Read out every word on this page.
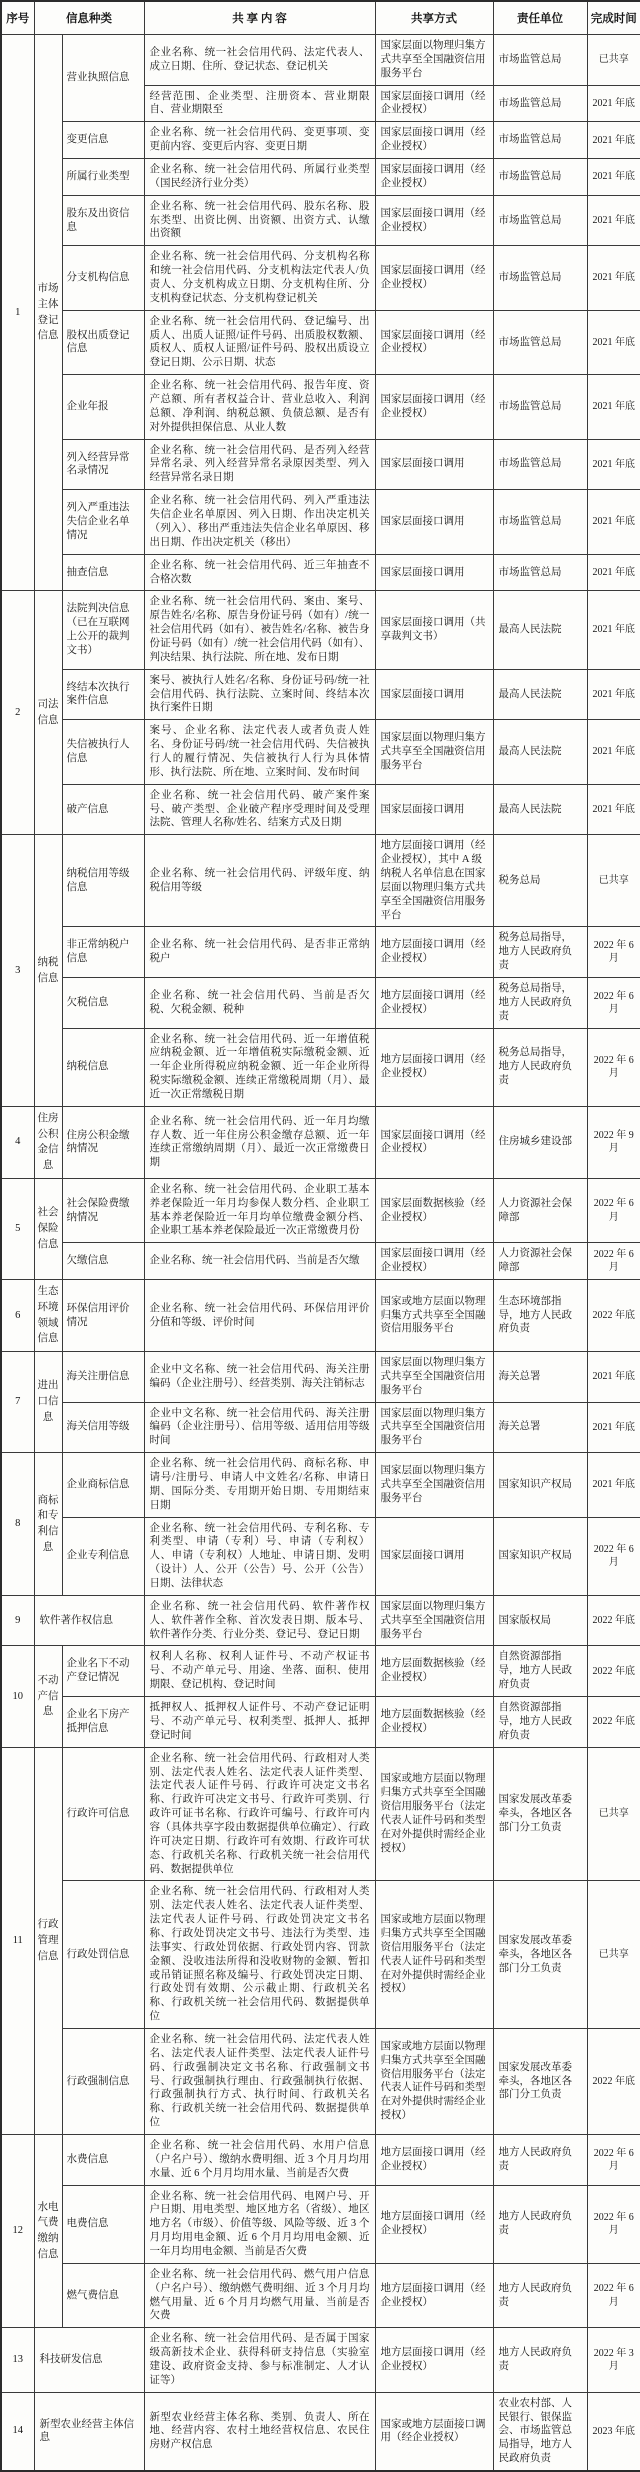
序号	信息种类		共 享 内 容	共享方式	责任单位	完成时间
1	市场主体登记信息	营业执照信息	企业名称、统一社会信用代码、法定代表人、成立日期、住所、登记状态、登记机关	国家层面以物理归集方式共享至全国融资信用服务平台	市场监管总局	已共享
			经营范围、企业类型、注册资本、营业期限自、营业期限至	国家层面接口调用（经企业授权）	市场监管总局	2021 年底
		变更信息	企业名称、统一社会信用代码、变更事项、变更前内容、变更后内容、变更日期	国家层面接口调用（经企业授权）	市场监管总局	2021 年底
		所属行业类型	企业名称、统一社会信用代码、所属行业类型（国民经济行业分类）	国家层面接口调用（经企业授权）	市场监管总局	2021 年底
		股东及出资信息	企业名称、统一社会信用代码、股东名称、股东类型、出资比例、出资额、出资方式、认缴出资额	国家层面接口调用（经企业授权）	市场监管总局	2021 年底
		分支机构信息	企业名称、统一社会信用代码、分支机构名称和统一社会信用代码、分支机构法定代表人/负责人、分支机构成立日期、分支机构住所、分支机构登记状态、分支机构登记机关	国家层面接口调用（经企业授权）	市场监管总局	2021 年底
		股权出质登记信息	企业名称、统一社会信用代码、登记编号、出质人、出质人证照/证件号码、出质股权数额、质权人、质权人证照/证件号码、股权出质设立登记日期、公示日期、状态	国家层面接口调用（经企业授权）	市场监管总局	2021 年底
		企业年报	企业名称、统一社会信用代码、报告年度、资产总额、所有者权益合计、营业总收入、利润总额、净利润、纳税总额、负债总额、是否有对外提供担保信息、从业人数	国家层面接口调用（经企业授权）	市场监管总局	2021 年底
		列入经营异常名录情况	企业名称、统一社会信用代码、是否列入经营异常名录、列入经营异常名录原因类型、列入经营异常名录日期	国家层面接口调用	市场监管总局	2021 年底
		列入严重违法失信企业名单情况	企业名称、统一社会信用代码、列入严重违法失信企业名单原因、列入日期、作出决定机关（列入）、移出严重违法失信企业名单原因、移出日期、作出决定机关（移出）	国家层面接口调用	市场监管总局	2021 年底
		抽查信息	企业名称、统一社会信用代码、近三年抽查不合格次数	国家层面接口调用	市场监管总局	2021 年底
2	司法信息	法院判决信息（已在互联网上公开的裁判文书）	企业名称、统一社会信用代码、案由、案号、原告姓名/名称、原告身份证号码（如有）/统一社会信用代码（如有）、被告姓名/名称、被告身份证号码（如有）/统一社会信用代码（如有）、判决结果、执行法院、所在地、发布日期	国家层面接口调用（共享裁判文书）	最高人民法院	2021 年底
		终结本次执行案件信息	案号、被执行人姓名/名称、身份证号码/统一社会信用代码、执行法院、立案时间、终结本次执行案件日期	国家层面接口调用	最高人民法院	2021 年底
		失信被执行人信息	案号、企业名称、法定代表人或者负责人姓名、身份证号码/统一社会信用代码、失信被执行人的履行情况、失信被执行人行为具体情形、执行法院、所在地、立案时间、发布时间	国家层面以物理归集方式共享至全国融资信用服务平台	最高人民法院	2021 年底
		破产信息	企业名称、统一社会信用代码、破产案件案号、破产类型、企业破产程序受理时间及受理法院、管理人名称/姓名、结案方式及日期	国家层面接口调用	最高人民法院	2021 年底
3	纳税信息	纳税信用等级信息	企业名称、统一社会信用代码、评级年度、纳税信用等级	地方层面接口调用（经企业授权），其中 A 级纳税人名单信息在国家层面以物理归集方式共享至全国融资信用服务平台	税务总局	已共享
		非正常纳税户信息	企业名称、统一社会信用代码、是否非正常纳税户	地方层面接口调用（经企业授权）	税务总局指导，地方人民政府负责	2022 年 6 月
		欠税信息	企业名称、统一社会信用代码、当前是否欠税、欠税金额、税种	地方层面接口调用（经企业授权）	税务总局指导，地方人民政府负责	2022 年 6 月
		纳税信息	企业名称、统一社会信用代码、近一年增值税应纳税金额、近一年增值税实际缴税金额、近一年企业所得税应纳税金额、近一年企业所得税实际缴税金额、连续正常缴税周期（月）、最近一次正常缴税日期	地方层面接口调用（经企业授权）	税务总局指导，地方人民政府负责	2022 年 6 月
4	住房公积金信息	住房公积金缴纳情况	企业名称、统一社会信用代码、近一年月均缴存人数、近一年住房公积金缴存总额、近一年连续正常缴纳周期（月）、最近一次正常缴费日期	国家层面接口调用（经企业授权）	住房城乡建设部	2022 年 9 月
5	社会保险信息	社会保险费缴纳情况	企业名称、统一社会信用代码、企业职工基本养老保险近一年月均参保人数分档、企业职工基本养老保险近一年月均单位缴费金额分档、企业职工基本养老保险最近一次正常缴费月份	国家层面数据核验（经企业授权）	人力资源社会保障部	2022 年 6 月
		欠缴信息	企业名称、统一社会信用代码、当前是否欠缴	国家层面接口调用（经企业授权）	人力资源社会保障部	2022 年 6 月
6	生态环境领域信息	环保信用评价情况	企业名称、统一社会信用代码、环保信用评价分值和等级、评价时间	国家或地方层面以物理归集方式共享至全国融资信用服务平台	生态环境部指导，地方人民政府负责	2022 年底
7	进出口信息	海关注册信息	企业中文名称、统一社会信用代码、海关注册编码（企业注册号）、经营类别、海关注销标志	国家层面以物理归集方式共享至全国融资信用服务平台	海关总署	2021 年底
		海关信用等级	企业中文名称、统一社会信用代码、海关注册编码（企业注册号）、信用等级、适用信用等级时间	国家层面以物理归集方式共享至全国融资信用服务平台	海关总署	2021 年底
8	商标和专利信息	企业商标信息	企业名称、统一社会信用代码、商标名称、申请号/注册号、申请人中文姓名/名称、申请日期、国际分类、专用期开始日期、专用期结束日期	国家层面以物理归集方式共享至全国融资信用服务平台	国家知识产权局	2021 年底
		企业专利信息	企业名称、统一社会信用代码、专利名称、专利类型、申请（专利）号、申请（专利权）人、申请（专利权）人地址、申请日期、发明（设计）人、公开（公告）号、公开（公告）日期、法律状态	国家层面接口调用	国家知识产权局	2022 年 6 月
9	软件著作权信息		企业名称、统一社会信用代码、软件著作权人、软件著作全称、首次发表日期、版本号、软件著作分类、行业分类、登记号、登记日期	国家层面以物理归集方式共享至全国融资信用服务平台	国家版权局	2022 年底
10	不动产信息	企业名下不动产登记情况	权利人名称、权利人证件号、不动产权证书号、不动产单元号、用途、坐落、面积、使用期限、登记机构、登记时间	地方层面数据核验（经企业授权）	自然资源部指导，地方人民政府负责	2022 年底
		企业名下房产抵押信息	抵押权人、抵押权人证件号、不动产登记证明号、不动产单元号、权利类型、抵押人、抵押登记时间	地方层面数据核验（经企业授权）	自然资源部指导，地方人民政府负责	2022 年底
11	行政管理信息	行政许可信息	企业名称、统一社会信用代码、行政相对人类别、法定代表人姓名、法定代表人证件类型、法定代表人证件号码、行政许可决定文书名称、行政许可决定文书号、行政许可类别、行政许可证书名称、行政许可编号、行政许可内容（具体共享字段由数据提供单位确定）、行政许可决定日期、行政许可有效期、行政许可状态、行政机关名称、行政机关统一社会信用代码、数据提供单位	国家或地方层面以物理归集方式共享至全国融资信用服务平台（法定代表人证件号码和类型在对外提供时需经企业授权）	国家发展改革委牵头，各地区各部门分工负责	已共享
		行政处罚信息	企业名称、统一社会信用代码、行政相对人类别、法定代表人姓名、法定代表人证件类型、法定代表人证件号码、行政处罚决定文书名称、行政处罚决定文书号、违法行为类型、违法事实、行政处罚依据、行政处罚内容、罚款金额、没收违法所得和没收财物的金额、暂扣或吊销证照名称及编号、行政处罚决定日期、行政处罚有效期、公示截止期、行政机关名称、行政机关统一社会信用代码、数据提供单位	国家或地方层面以物理归集方式共享至全国融资信用服务平台（法定代表人证件号码和类型在对外提供时需经企业授权）	国家发展改革委牵头，各地区各部门分工负责	已共享
		行政强制信息	企业名称、统一社会信用代码、法定代表人姓名、法定代表人证件类型、法定代表人证件号码、行政强制决定文书名称、行政强制文书号、行政强制执行理由、行政强制执行依据、行政强制执行方式、执行时间、行政机关名称、行政机关统一社会信用代码、数据提供单位	国家或地方层面以物理归集方式共享至全国融资信用服务平台（法定代表人证件号码和类型在对外提供时需经企业授权）	国家发展改革委牵头，各地区各部门分工负责	2022 年底
12	水电气费缴纳信息	水费信息	企业名称、统一社会信用代码、水用户信息（户名户号）、缴纳水费明细、近 3 个月月均用水量、近 6 个月月均用水量、当前是否欠费	地方层面接口调用（经企业授权）	地方人民政府负责	2022 年 6 月
		电费信息	企业名称、统一社会信用代码、电网户号、开户日期、用电类型、地区地方名（省级）、地区地方名（市级）、价值等级、风险等级、近 3 个月月均用电金额、近 6 个月月均用电金额、近一年月均用电金额、当前是否欠费	地方层面接口调用（经企业授权）	地方人民政府负责	2022 年 6 月
		燃气费信息	企业名称、统一社会信用代码、燃气用户信息（户名户号）、缴纳燃气费明细、近 3 个月月均燃气用量、近 6 个月月均燃气用量、当前是否欠费	地方层面接口调用（经企业授权）	地方人民政府负责	2022 年 6 月
13	科技研发信息		企业名称、统一社会信用代码、是否属于国家级高新技术企业、获得科研支持信息（实验室建设、政府资金支持、参与标准制定、人才认证等）	地方层面接口调用（经企业授权）	地方人民政府负责	2022 年 3 月
14	新型农业经营主体信息		新型农业经营主体名称、类别、负责人、所在地、经营内容、农村土地经营权信息、农民住房财产权信息	国家或地方层面接口调用（经企业授权）	农业农村部、人民银行、银保监会、市场监管总局指导，地方人民政府负责	2023 年底
